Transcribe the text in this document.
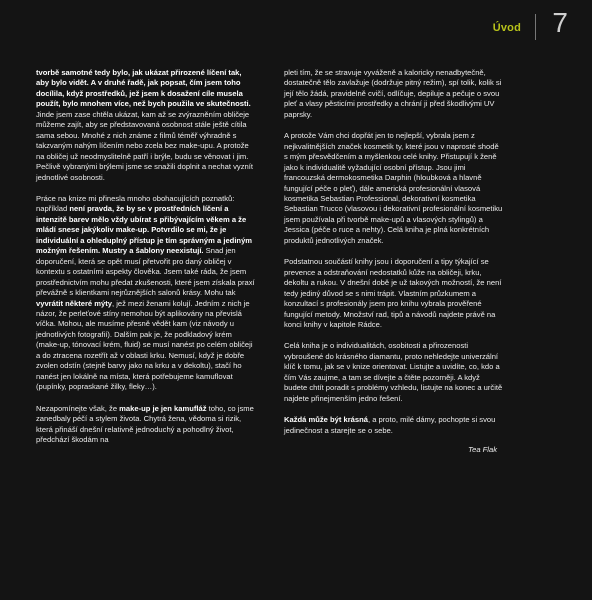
Úvod 7

tvorbě samotné tedy bylo, jak ukázat přirozené líčení tak, aby bylo vidět. A v druhé řadě, jak popsat, čím jsem toho docílila, když prostředků, jež jsem k dosažení cíle musela použít, bylo mnohem více, než bych použila ve skutečnosti. Jinde jsem zase chtěla ukázat, kam až se zvýrazněním obličeje můžeme zajít, aby se představovaná osobnost stále ještě cítila sama sebou. Mnohé z nich známe z filmů téměř výhradně s takzvaným nahým líčením nebo zcela bez make-upu. A protože na obličej už neodmyslitelně patří i brýle, budu se věnovat i jim. Pečlivě vybranými brýlemi jsme se snažili doplnit a nechat vyznít jednotlivé osobnosti.

Práce na knize mi přinesla mnoho obohacujících poznatků: například není pravda, že by se v prostředních líčení a intenzitě barev mělo vždy ubírat s přibývajícím věkem a že mládí snese jakýkoliv make-up. Potvrdilo se mi, že je individuální a ohleduplný přístup je tím správným a jediným možným řešením. Mustry a šablony neexistují. Snad jen doporučení, která se opět musí přetvořit pro daný obličej v kontextu s ostatními aspekty člověka. Jsem také ráda, že jsem prostřednictvím mohu předat zkušenosti, které jsem získala praxí převážně s klientkami nejrůznějších salonů krásy. Mohu tak vyvrátit některé mýty, jež mezi ženami kolují. Jedním z nich je názor, že perleťové stíny nemohou být aplikovány na převislá víčka. Mohou, ale musíme přesně vědět kam (viz návody u jednotlivých fotografií). Dalším pak je, že podkladový krém (make-up, tónovací krém, fluid) se musí nanést po celém obličeji a do ztracena rozetřít až v oblasti krku. Nemusí, když je dobře zvolen odstín (stejně barvy jako na krku a v dekoltu), stačí ho nanést jen lokálně na místa, která potřebujeme kamuflovat (pupínky, popraskané žilky, fleky…).

Nezapomínejte však, že make-up je jen kamufláž toho, co jsme zanedbaly péčí a stylem života. Chytrá žena, vědoma si rizik, která přináší dnešní relativně jednoduchý a pohodlný život, předchází škodám na

pleti tím, že se stravuje vyváženě a kaloricky nenadbytečně, dostatečně tělo zavlažuje (dodržuje pitný režim), spí tolik, kolik si její tělo žádá, pravidelně cvičí, odlíčuje, depiluje a pečuje o svou pleť a vlasy pěsticími prostředky a chrání ji před škodlivými UV paprsky.

A protože Vám chci dopřát jen to nejlepší, vybrala jsem z nejkvalitnějších značek kosmetik ty, které jsou v naprosté shodě s mým přesvědčením a myšlenkou celé knihy. Přistupují k ženě jako k individualitě vyžadující osobní přístup. Jsou jimi francouzská dermokosmetika Darphin (hloubková a hlavně fungující péče o pleť), dále americká profesionální vlasová kosmetika Sebastian Professional, dekorativní kosmetika Sebastian Trucco (vlasovou i dekorativní profesionální kosmetiku jsem používala při tvorbě make-upů a vlasových stylingů) a Jessica (péče o ruce a nehty). Celá kniha je plná konkrétních produktů jednotlivých značek.

Podstatnou součástí knihy jsou i doporučení a tipy týkající se prevence a odstraňování nedostatků kůže na obličeji, krku, dekoltu a rukou. V dnešní době je už takových možností, že není tedy jediný důvod se s nimi trápit. Vlastním průzkumem a konzultací s profesionály jsem pro knihu vybrala prověřené fungující metody. Množství rad, tipů a návodů najdete právě na konci knihy v kapitole Rádce.

Celá kniha je o individualitách, osobitosti a přirozenosti vybroušené do krásného diamantu, proto nehledejte univerzální klíč k tomu, jak se v knize orientovat. Listujte a uvidíte, co, kdo a čím Vás zaujme, a tam se dívejte a čtěte pozorněji. A když budete chtít poradit s problémy vzhledu, listujte na konec a určitě najdete přinejmenším jedno řešení.

Každá může být krásná, a proto, milé dámy, pochopte si svou jedinečnost a starejte se o sebe.

Tea Flak
